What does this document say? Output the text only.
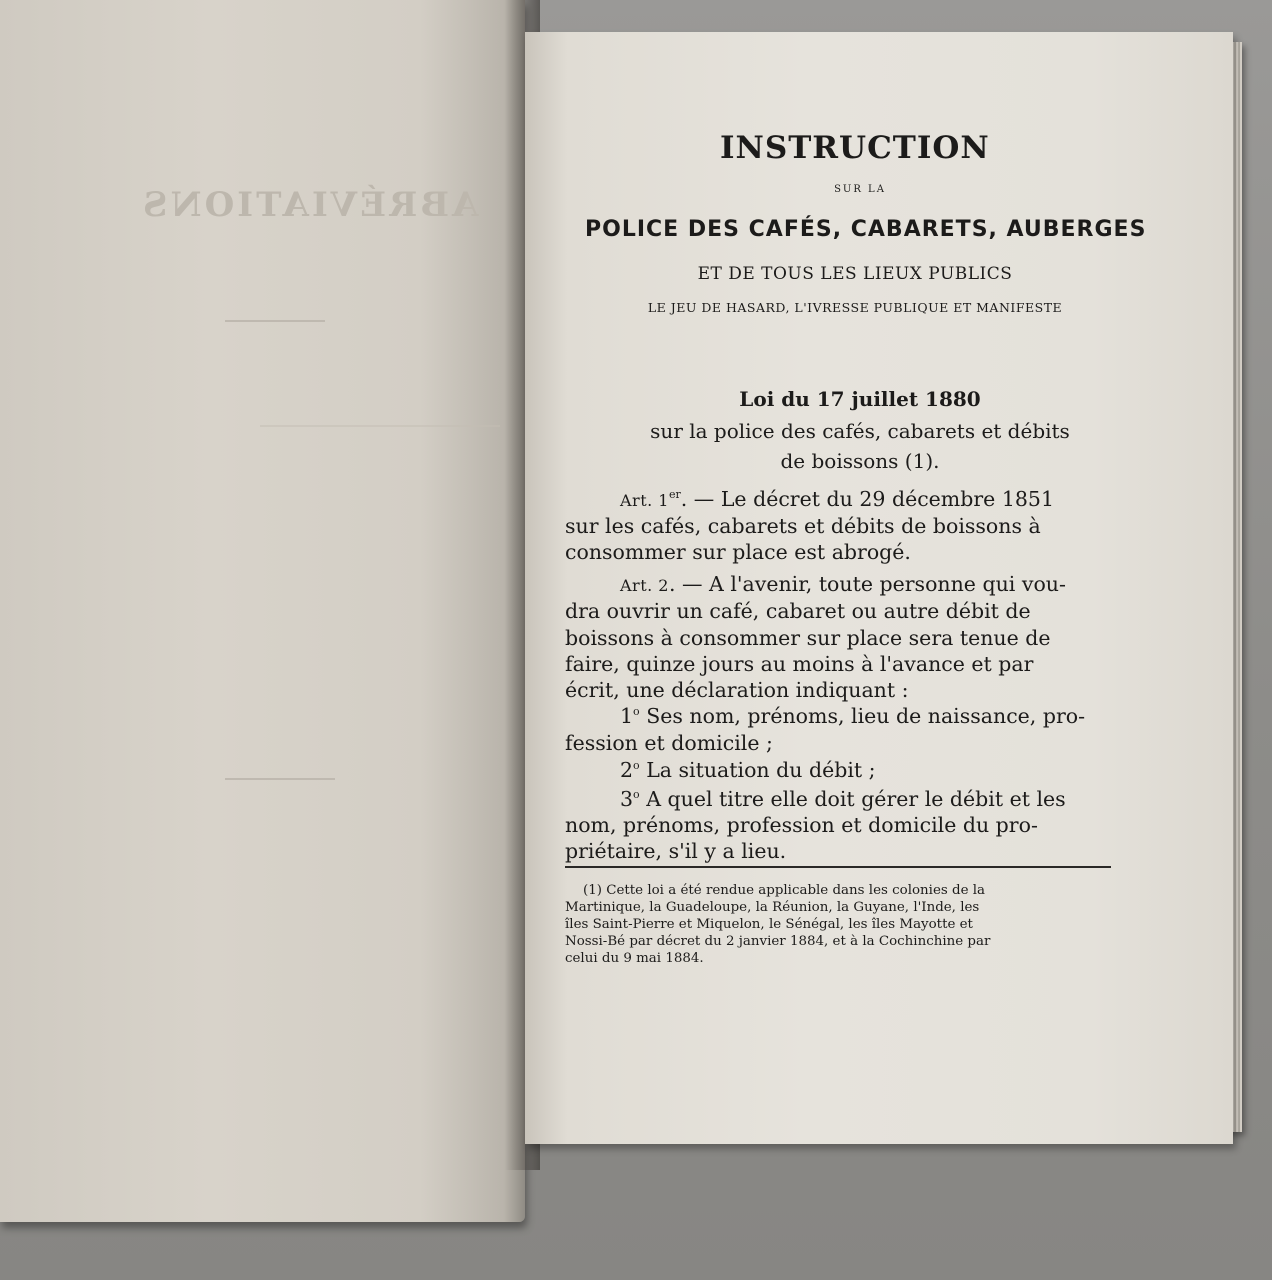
ABRÉVIATIONS
INSTRUCTION
SUR LA
POLICE DES CAFÉS, CABARETS, AUBERGES
ET DE TOUS LES LIEUX PUBLICS
LE JEU DE HASARD, L'IVRESSE PUBLIQUE ET MANIFESTE
Loi du 17 juillet 1880
sur la police des cafés, cabarets et débits
de boissons (1).
Art. 1er. — Le décret du 29 décembre 1851
sur les cafés, cabarets et débits de boissons à
consommer sur place est abrogé.
Art. 2. — A l'avenir, toute personne qui vou-
dra ouvrir un café, cabaret ou autre débit de
boissons à consommer sur place sera tenue de
faire, quinze jours au moins à l'avance et par
écrit, une déclaration indiquant :
1$^o$ Ses nom, prénoms, lieu de naissance, pro-
fession et domicile ;
2$^o$ La situation du débit ;
3$^o$ A quel titre elle doit gérer le débit et les
nom, prénoms, profession et domicile du pro-
priétaire, s'il y a lieu.
(1) Cette loi a été rendue applicable dans les colonies de la
Martinique, la Guadeloupe, la Réunion, la Guyane, l'Inde, les
îles Saint-Pierre et Miquelon, le Sénégal, les îles Mayotte et
Nossi-Bé par décret du 2 janvier 1884, et à la Cochinchine par
celui du 9 mai 1884.
